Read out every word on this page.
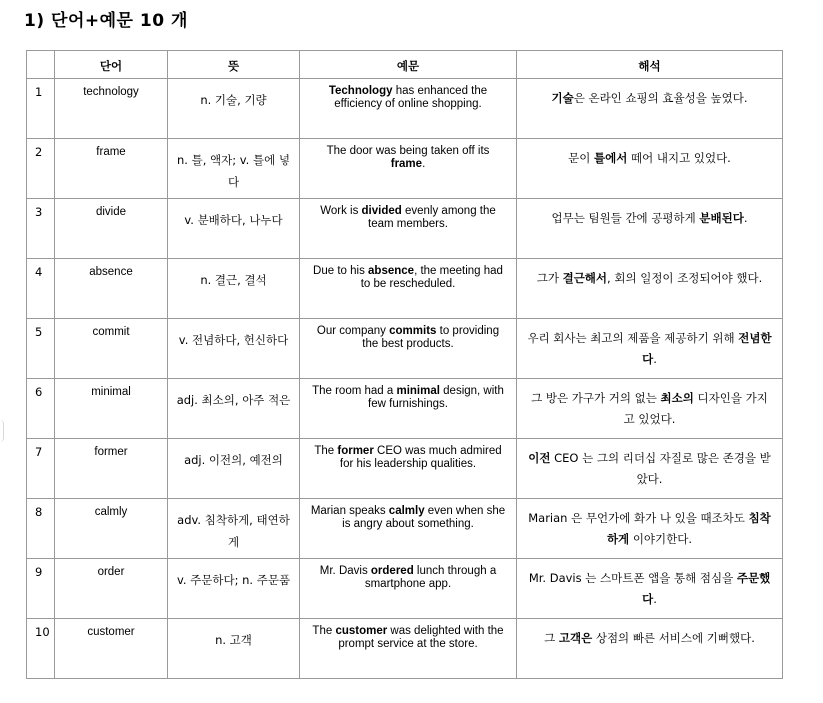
1) 단어+예문 10 개
	단어	뜻	예문	해석
1	technology	n. 기술, 기량	Technology has enhanced the efficiency of online shopping.	기술은 온라인 쇼핑의 효율성을 높였다.
2	frame	n. 틀, 액자; v. 틀에 넣다	The door was being taken off its frame.	문이 틀에서 떼어 내지고 있었다.
3	divide	v. 분배하다, 나누다	Work is divided evenly among the team members.	업무는 팀원들 간에 공평하게 분배된다.
4	absence	n. 결근, 결석	Due to his absence, the meeting had to be rescheduled.	그가 결근해서, 회의 일정이 조정되어야 했다.
5	commit	v. 전념하다, 헌신하다	Our company commits to providing the best products.	우리 회사는 최고의 제품을 제공하기 위해 전념한다.
6	minimal	adj. 최소의, 아주 적은	The room had a minimal design, with few furnishings.	그 방은 가구가 거의 없는 최소의 디자인을 가지고 있었다.
7	former	adj. 이전의, 예전의	The former CEO was much admired for his leadership qualities.	이전 CEO 는 그의 리더십 자질로 많은 존경을 받았다.
8	calmly	adv. 침착하게, 태연하게	Marian speaks calmly even when she is angry about something.	Marian 은 무언가에 화가 나 있을 때조차도 침착하게 이야기한다.
9	order	v. 주문하다; n. 주문품	Mr. Davis ordered lunch through a smartphone app.	Mr. Davis 는 스마트폰 앱을 통해 점심을 주문했다.
10	customer	n. 고객	The customer was delighted with the prompt service at the store.	그 고객은 상점의 빠른 서비스에 기뻐했다.
